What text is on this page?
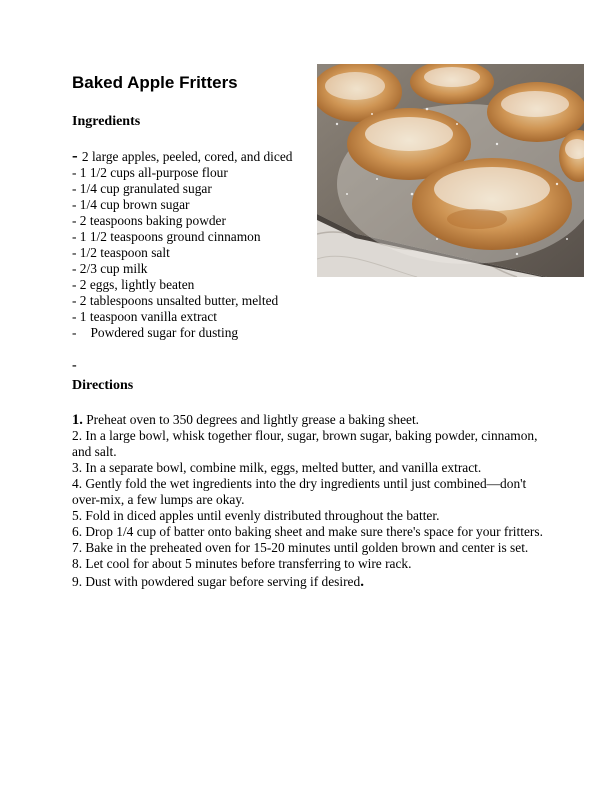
Baked Apple Fritters
Ingredients
- 2 large apples, peeled, cored, and diced
- 1 1/2 cups all-purpose flour
- 1/4 cup granulated sugar
- 1/4 cup brown sugar
- 2 teaspoons baking powder
- 1 1/2 teaspoons ground cinnamon
- 1/2 teaspoon salt
- 2/3 cup milk
- 2 eggs, lightly beaten
- 2 tablespoons unsalted butter, melted
- 1 teaspoon vanilla extract
- Powdered sugar for dusting
-
Directions
1. Preheat oven to 350 degrees and lightly grease a baking sheet.
2. In a large bowl, whisk together flour, sugar, brown sugar, baking powder, cinnamon, and salt.
3. In a separate bowl, combine milk, eggs, melted butter, and vanilla extract.
4. Gently fold the wet ingredients into the dry ingredients until just combined—don't over-mix, a few lumps are okay.
5. Fold in diced apples until evenly distributed throughout the batter.
6. Drop 1/4 cup of batter onto baking sheet and make sure there's space for your fritters.
7. Bake in the preheated oven for 15-20 minutes until golden brown and center is set.
8. Let cool for about 5 minutes before transferring to wire rack.
9. Dust with powdered sugar before serving if desired.
